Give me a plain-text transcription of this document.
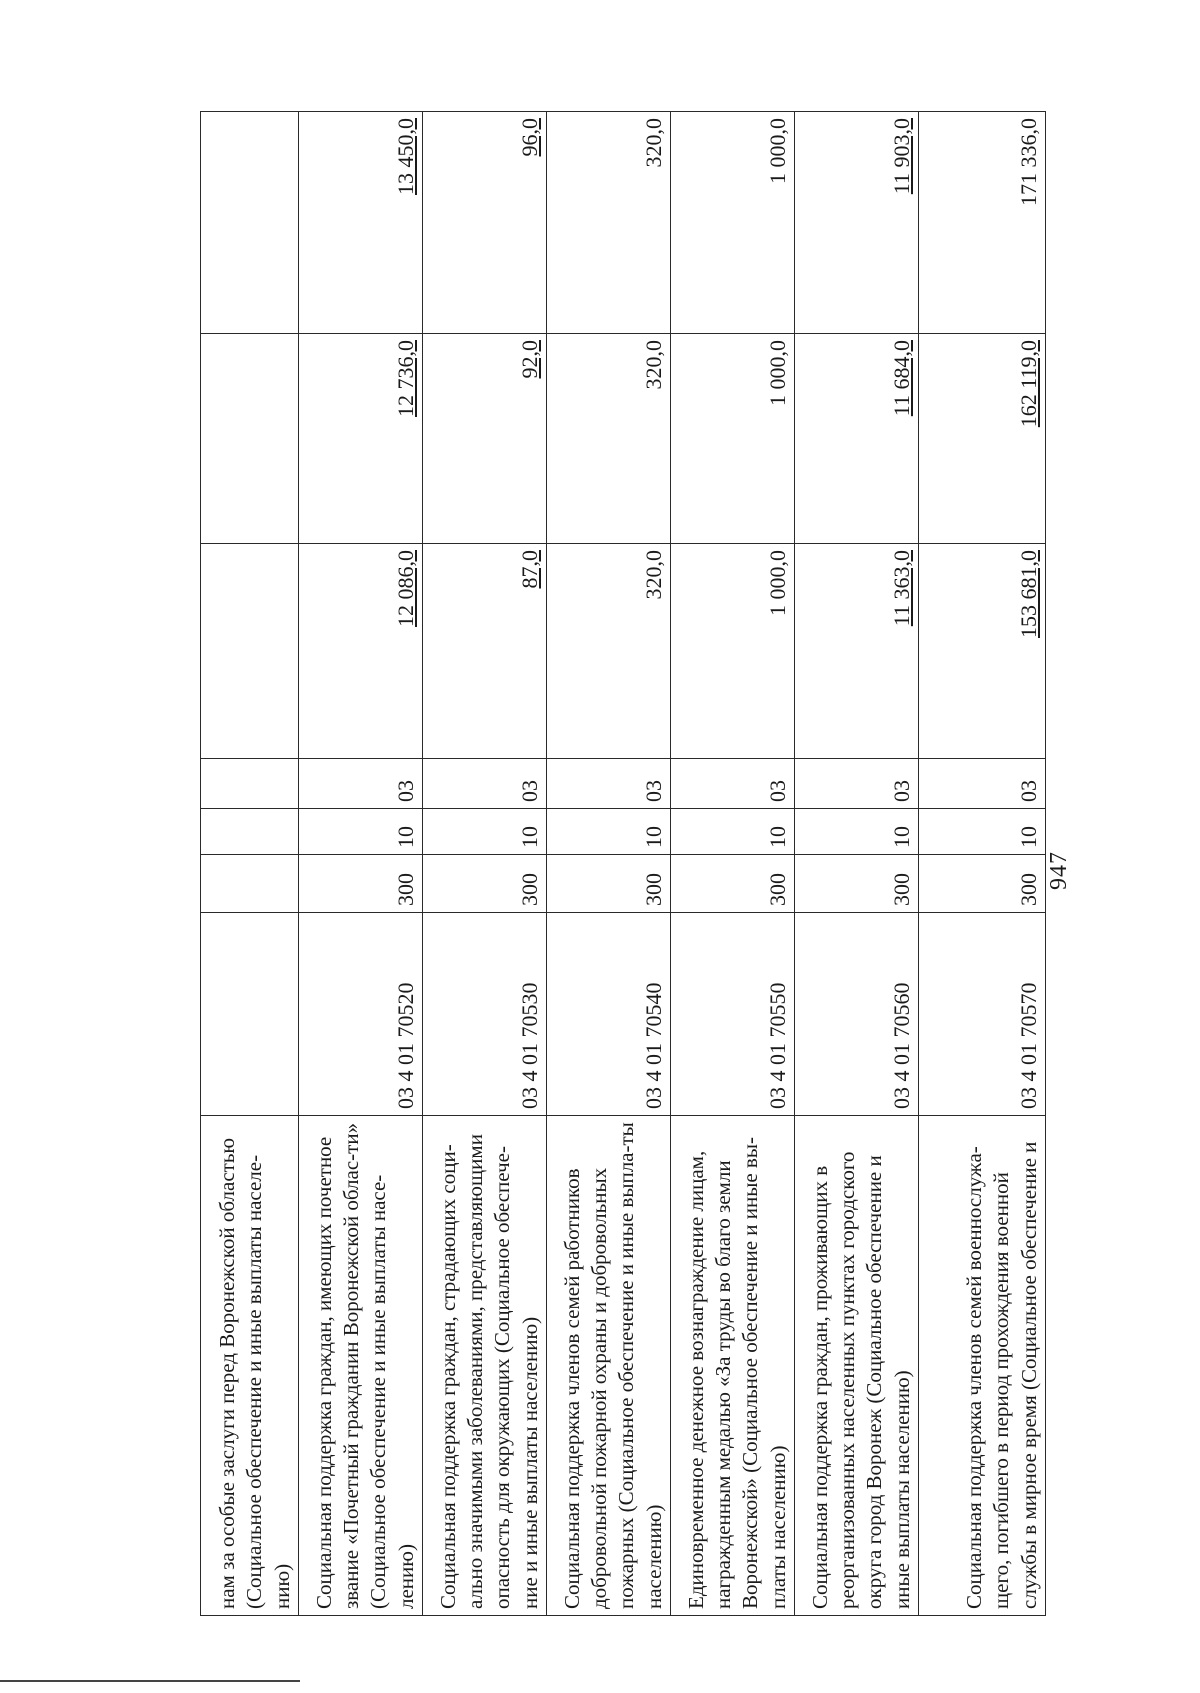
947
нам за особые заслуги перед Воронежской областью (Социальное обеспечение и иные выплаты населе-нию)							
Социальная поддержка граждан, имеющих почетное звание «Почетный гражданин Воронежской облас-ти» (Социальное обеспечение и иные выплаты насе-лению)	03 4 01 70520	300	10	03	12 086,0	12 736,0	13 450,0
Социальная поддержка граждан, страдающих соци-ально значимыми заболеваниями, представляющими опасность для окружающих (Социальное обеспече-ние и иные выплаты населению)	03 4 01 70530	300	10	03	87,0	92,0	96,0
Социальная поддержка членов семей работников добровольной пожарной охраны и добровольных пожарных (Социальное обеспечение и иные выпла-ты населению)	03 4 01 70540	300	10	03	320,0	320,0	320,0
Единовременное денежное вознаграждение лицам, награжденным медалью «За труды во благо земли Воронежской» (Социальное обеспечение и иные вы-платы населению)	03 4 01 70550	300	10	03	1 000,0	1 000,0	1 000,0
Социальная поддержка граждан, проживающих в реорганизованных населенных пунктах городского округа город Воронеж (Социальное обеспечение и иные выплаты населению)	03 4 01 70560	300	10	03	11 363,0	11 684,0	11 903,0
Социальная поддержка членов семей военнослужа-щего, погибшего в период прохождения военной службы в мирное время (Социальное обеспечение и	03 4 01 70570	300	10	03	153 681,0	162 119,0	171 336,0
